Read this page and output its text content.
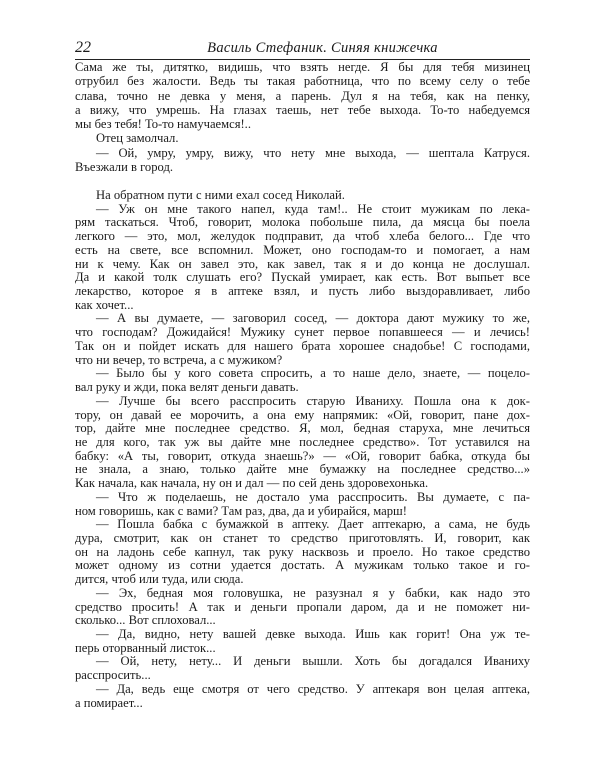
22	Василь Стефаник. Синяя книжечка
Сама же ты, дитятко, видишь, что взять негде. Я бы для тебя мизинец
отрубил без жалости. Ведь ты такая работница, что по всему селу о тебе
слава, точно не девка у меня, а парень. Дул я на тебя, как на пенку,
а вижу, что умрешь. На глазах таешь, нет тебе выхода. То-то набедуемся
мы без тебя! То-то намучаемся!..
Отец замолчал.
— Ой, умру, умру, вижу, что нету мне выхода, — шептала Катруся.
Въезжали в город.
На обратном пути с ними ехал сосед Николай.
— Уж он мне такого напел, куда там!.. Не стоит мужикам по лека-
рям таскаться. Чтоб, говорит, молока побольше пила, да мясца бы поела
легкого — это, мол, желудок подправит, да чтоб хлеба белого... Где что
есть на свете, все вспомнил. Может, оно господам-то и помогает, а нам
ни к чему. Как он завел это, как завел, так я и до конца не дослушал.
Да и какой толк слушать его? Пускай умирает, как есть. Вот выпьет все
лекарство, которое я в аптеке взял, и пусть либо выздоравливает, либо
как хочет...
— А вы думаете, — заговорил сосед, — доктора дают мужику то же,
что господам? Дожидайся! Мужику сунет первое попавшееся — и лечись!
Так он и пойдет искать для нашего брата хорошее снадобье! С господами,
что ни вечер, то встреча, а с мужиком?
— Было бы у кого совета спросить, а то наше дело, знаете, — поцело-
вал руку и жди, пока велят деньги давать.
— Лучше бы всего расспросить старую Иваниху. Пошла она к док-
тору, он давай ее морочить, а она ему напрямик: «Ой, говорит, пане дох-
тор, дайте мне последнее средство. Я, мол, бедная старуха, мне лечиться
не для кого, так уж вы дайте мне последнее средство». Тот уставился на
бабку: «А ты, говорит, откуда знаешь?» — «Ой, говорит бабка, откуда бы
не знала, а знаю, только дайте мне бумажку на последнее средство...»
Как начала, как начала, ну он и дал — по сей день здоровехонька.
— Что ж поделаешь, не достало ума расспросить. Вы думаете, с па-
ном говоришь, как с вами? Там раз, два, да и убирайся, марш!
— Пошла бабка с бумажкой в аптеку. Дает аптекарю, а сама, не будь
дура, смотрит, как он станет то средство приготовлять. И, говорит, как
он на ладонь себе капнул, так руку насквозь и проело. Но такое средство
может одному из сотни удается достать. А мужикам только такое и го-
дится, чтоб или туда, или сюда.
— Эх, бедная моя головушка, не разузнал я у бабки, как надо это
средство просить! А так и деньги пропали даром, да и не поможет ни-
сколько... Вот сплоховал...
— Да, видно, нету вашей девке выхода. Ишь как горит! Она уж те-
перь оторванный листок...
— Ой, нету, нету... И деньги вышли. Хоть бы догадался Иваниху
расспросить...
— Да, ведь еще смотря от чего средство. У аптекаря вон целая аптека,
а помирает...
